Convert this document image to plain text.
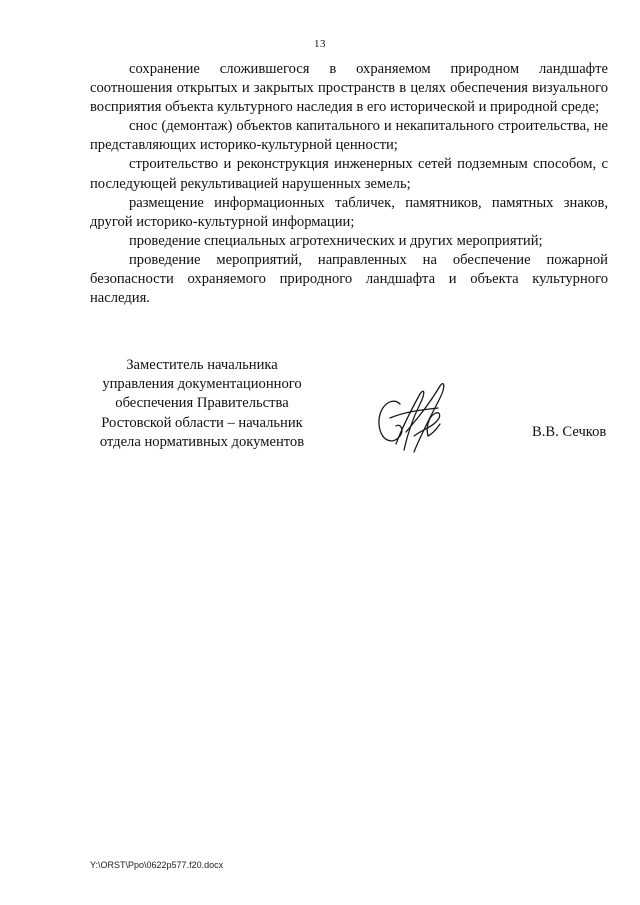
13

сохранение сложившегося в охраняемом природном ландшафте соотношения открытых и закрытых пространств в целях обеспечения визуального восприятия объекта культурного наследия в его исторической и природной среде;

снос (демонтаж) объектов капитального и некапитального строительства, не представляющих историко-культурной ценности;

строительство и реконструкция инженерных сетей подземным способом, с последующей рекультивацией нарушенных земель;

размещение информационных табличек, памятников, памятных знаков, другой историко-культурной информации;

проведение специальных агротехнических и других мероприятий;

проведение мероприятий, направленных на обеспечение пожарной безопасности охраняемого природного ландшафта и объекта культурного наследия.

Заместитель начальника
управления документационного
обеспечения Правительства
Ростовской области – начальник
отдела нормативных документов
В.В. Сечков
Y:\ORST\Ppo\0622p577.f20.docx
